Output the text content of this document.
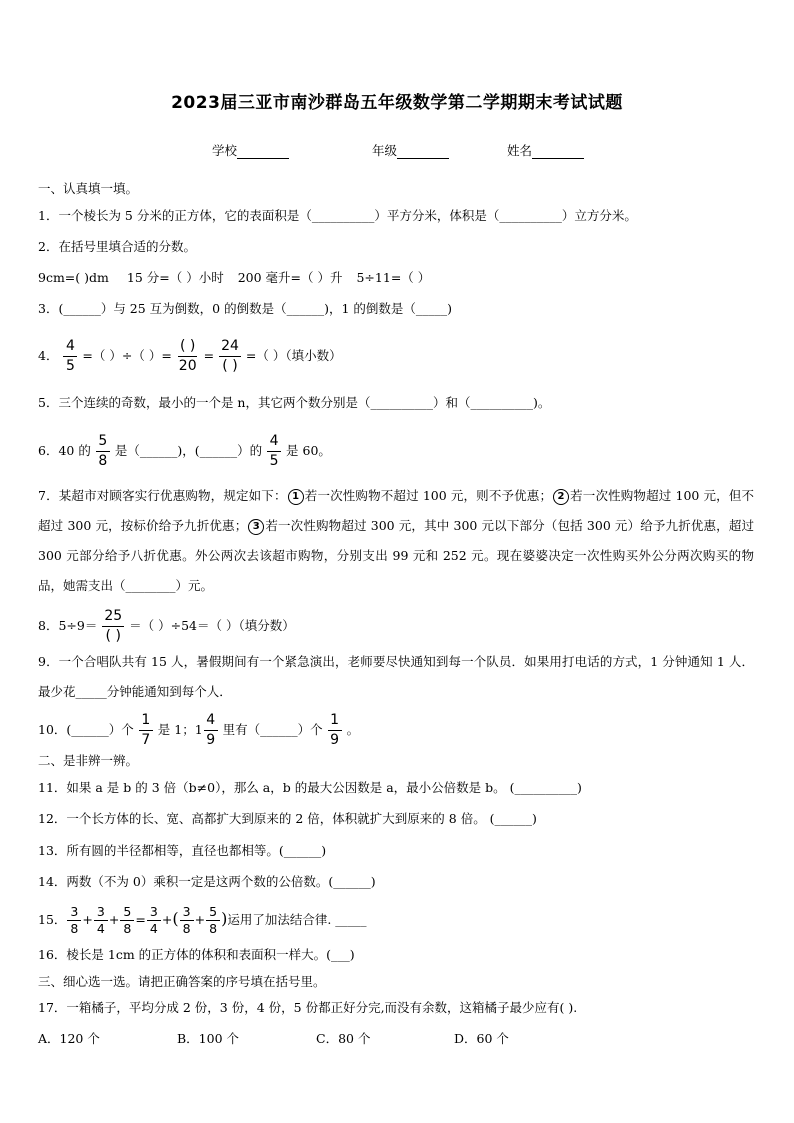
2023届三亚市南沙群岛五年级数学第二学期期末考试试题
学校	年级	姓名
一、认真填一填。
1．一个棱长为 5 分米的正方体，它的表面积是（__________）平方分米，体积是（__________）立方分米。
2．在括号里填合适的分数。
9cm=( )dm 15 分=（ ）小时 200 毫升=（ ）升 5÷11=（ ）
3．(______）与 25 互为倒数，0 的倒数是（______)，1 的倒数是（_____)
4． $\frac{4}{5}$ =（ ）÷（ ）= $\frac{( )}{20} = \frac{24}{( )}$ =（ ）（填小数）
5．三个连续的奇数，最小的一个是 n，其它两个数分别是（__________）和（__________)。
6．40 的 $\frac{5}{8}$ 是（______)，(______）的 $\frac{4}{5}$ 是 60。
7．某超市对顾客实行优惠购物，规定如下： 1 若一次性购物不超过 100 元，则不予优惠； 2 若一次性购物超过 100 元，但不超过 300 元，按标价给予九折优惠； 3 若一次性购物超过 300 元，其中 300 元以下部分（包括 300 元）给予九折优惠，超过 300 元部分给予八折优惠。外公两次去该超市购物，分别支出 99 元和 252 元。现在婆婆决定一次性购买外公分两次购买的物品，她需支出（________）元。
8．$5\div 9= \frac{25}{( )}$ ＝（ ）÷54＝（ ）（填分数）
9．一个合唱队共有 15 人，暑假期间有一个紧急演出，老师要尽快通知到每一个队员．如果用打电话的方式，1 分钟通知 1 人．最少花_____分钟能通知到每个人．
10．(______）个 $\frac{1}{7}$ 是 1；$1 \frac{4}{9}$ 里有（______）个 $\frac{1}{9}$ 。
二、是非辨一辨。
11．如果 a 是 b 的 3 倍（b≠0），那么 a，b 的最大公因数是 a，最小公倍数是 b。 (__________)
12．一个长方体的长、宽、高都扩大到原来的 2 倍，体积就扩大到原来的 8 倍。 (______)
13．所有圆的半径都相等，直径也都相等。(______)
14．两数（不为 0）乘积一定是这两个数的公倍数。(______)
15． $\frac{3}{8} + \frac{3}{4} + \frac{5}{8} = \frac{3}{4}$ +( $\frac{3}{8} + \frac{5}{8}$ )运用了加法结合律. _____
16．棱长是 1cm 的正方体的体积和表面积一样大。(___)
三、细心选一选。请把正确答案的序号填在括号里。
17．一箱橘子，平均分成 2 份，3 份，4 份，5 份都正好分完,而没有余数，这箱橘子最少应有( ).
A．120 个	B．100 个	C．80 个	D．60 个
